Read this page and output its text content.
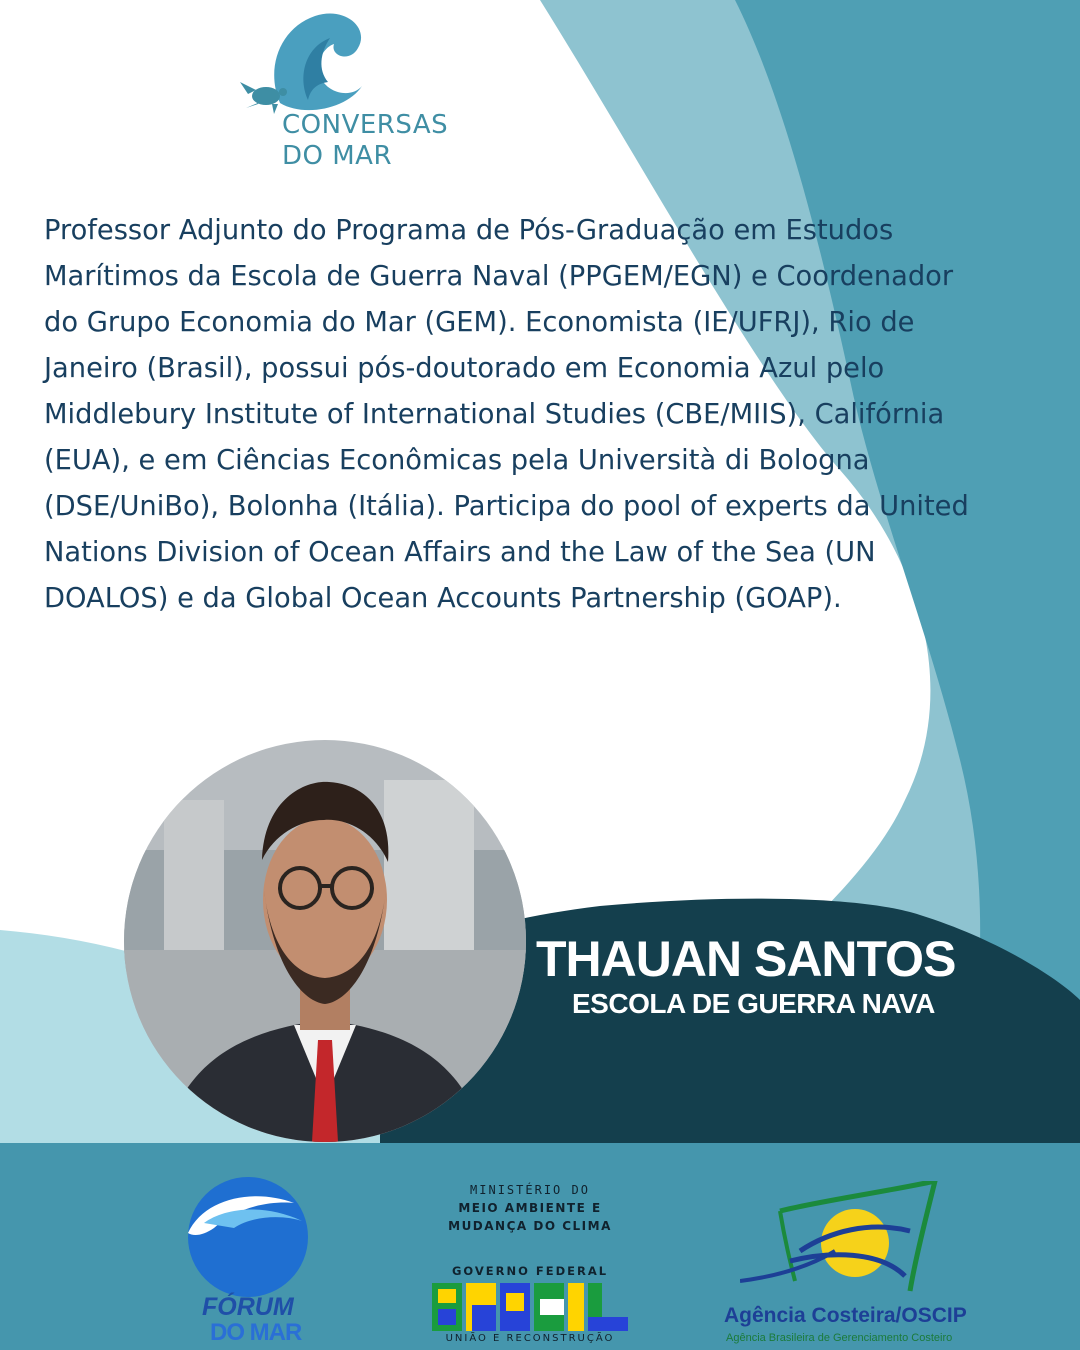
CONVERSAS
DO MAR

Professor Adjunto do Programa de Pós-Graduação em Estudos Marítimos da Escola de Guerra Naval (PPGEM/EGN) e Coordenador do Grupo Economia do Mar (GEM). Economista (IE/UFRJ), Rio de Janeiro (Brasil), possui pós-doutorado em Economia Azul pelo Middlebury Institute of International Studies (CBE/MIIS), Califórnia (EUA), e em Ciências Econômicas pela Università di Bologna (DSE/UniBo), Bolonha (Itália). Participa do pool of experts da United Nations Division of Ocean Affairs and the Law of the Sea (UN DOALOS) e da Global Ocean Accounts Partnership (GOAP).

THAUAN SANTOS
ESCOLA DE GUERRA NAVA
FÓRUM
DO MAR
MINISTÉRIO DO
MEIO AMBIENTE E
MUDANÇA DO CLIMA
GOVERNO FEDERAL
UNIÃO E RECONSTRUÇÃO
Agência Costeira/OSCIP
Agência Brasileira de Gerenciamento Costeiro
